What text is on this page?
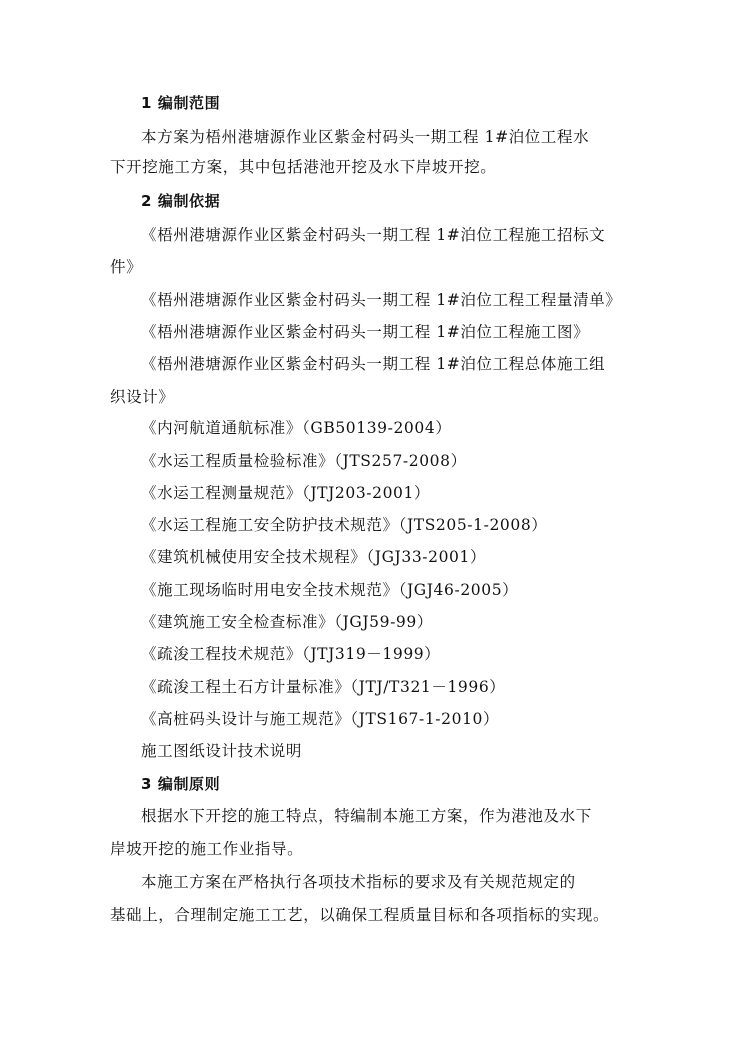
1 编制范围
本方案为梧州港塘源作业区紫金村码头一期工程 1#泊位工程水
下开挖施工方案，其中包括港池开挖及水下岸坡开挖。
2 编制依据
《梧州港塘源作业区紫金村码头一期工程 1#泊位工程施工招标文
件》
《梧州港塘源作业区紫金村码头一期工程 1#泊位工程工程量清单》
《梧州港塘源作业区紫金村码头一期工程 1#泊位工程施工图》
《梧州港塘源作业区紫金村码头一期工程 1#泊位工程总体施工组
织设计》
《内河航道通航标准》（GB50139-2004）
《水运工程质量检验标准》（JTS257-2008）
《水运工程测量规范》（JTJ203-2001）
《水运工程施工安全防护技术规范》（JTS205-1-2008）
《建筑机械使用安全技术规程》（JGJ33-2001）
《施工现场临时用电安全技术规范》（JGJ46-2005）
《建筑施工安全检查标准》（JGJ59-99）
《疏浚工程技术规范》（JTJ319－1999）
《疏浚工程土石方计量标准》（JTJ/T321－1996）
《高桩码头设计与施工规范》（JTS167-1-2010）
施工图纸设计技术说明
3 编制原则
根据水下开挖的施工特点，特编制本施工方案，作为港池及水下
岸坡开挖的施工作业指导。
本施工方案在严格执行各项技术指标的要求及有关规范规定的
基础上，合理制定施工工艺，以确保工程质量目标和各项指标的实现。
